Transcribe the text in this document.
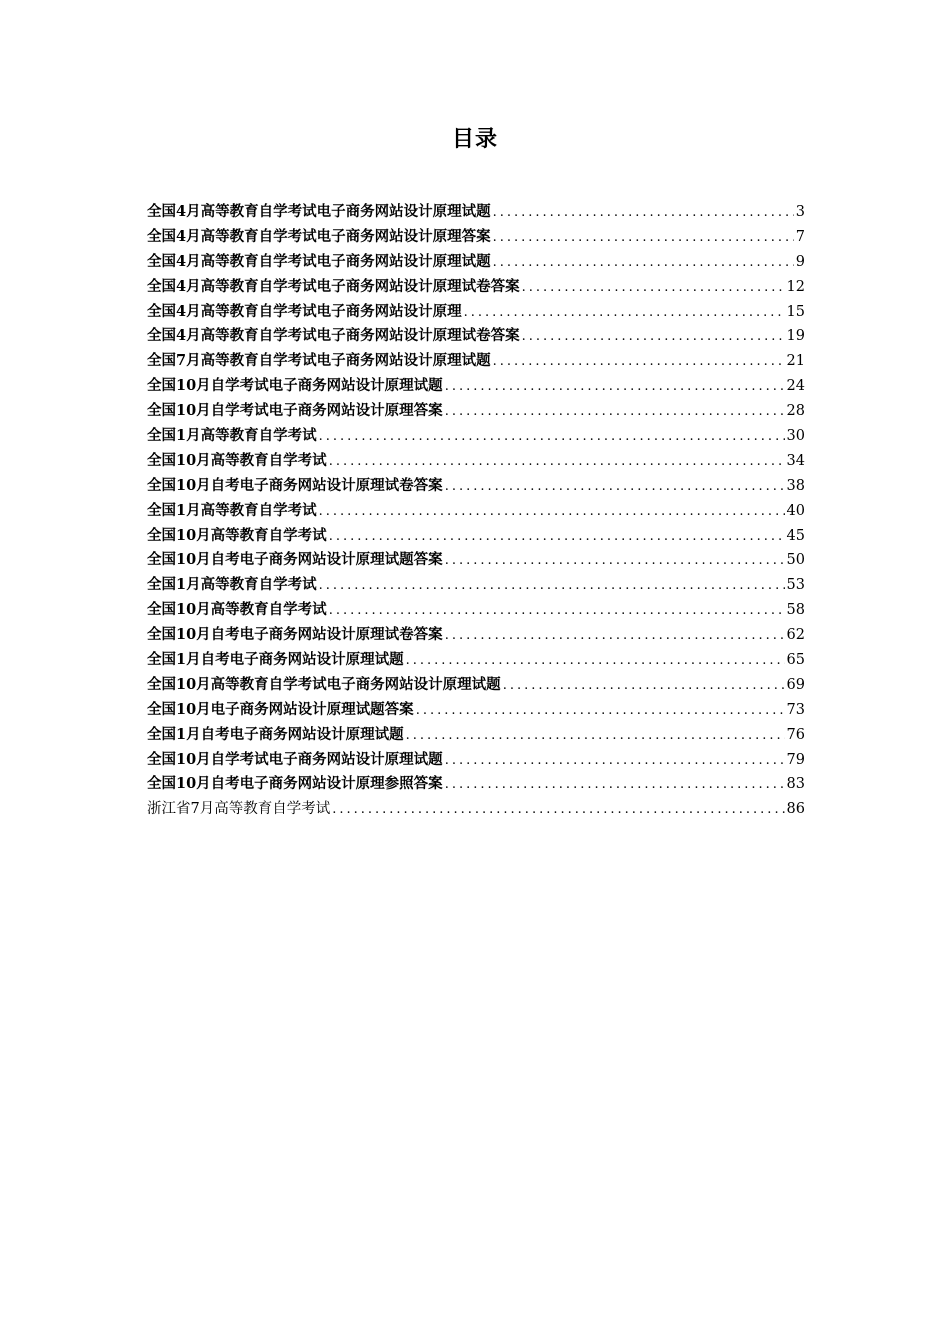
目录
全国4月高等教育自学考试电子商务网站设计原理试题 .....	3
全国4月高等教育自学考试电子商务网站设计原理答案 .....	7
全国4月高等教育自学考试电子商务网站设计原理试题 .....	9
全国4月高等教育自学考试电子商务网站设计原理试卷答案 .....	12
全国4月高等教育自学考试电子商务网站设计原理 .....	15
全国4月高等教育自学考试电子商务网站设计原理试卷答案 .....	19
全国7月高等教育自学考试电子商务网站设计原理试题 .....	21
全国10月自学考试电子商务网站设计原理试题 .....	24
全国10月自学考试电子商务网站设计原理答案 .....	28
全国1月高等教育自学考试 .....	30
全国10月高等教育自学考试 .....	34
全国10月自考电子商务网站设计原理试卷答案 .....	38
全国1月高等教育自学考试 .....	40
全国10月高等教育自学考试 .....	45
全国10月自考电子商务网站设计原理试题答案 .....	50
全国1月高等教育自学考试 .....	53
全国10月高等教育自学考试 .....	58
全国10月自考电子商务网站设计原理试卷答案 .....	62
全国1月自考电子商务网站设计原理试题 .....	65
全国10月高等教育自学考试电子商务网站设计原理试题 .....	69
全国10月电子商务网站设计原理试题答案 .....	73
全国1月自考电子商务网站设计原理试题 .....	76
全国10月自学考试电子商务网站设计原理试题 .....	79
全国10月自考电子商务网站设计原理参照答案 .....	83
浙江省7月高等教育自学考试 .....	86
